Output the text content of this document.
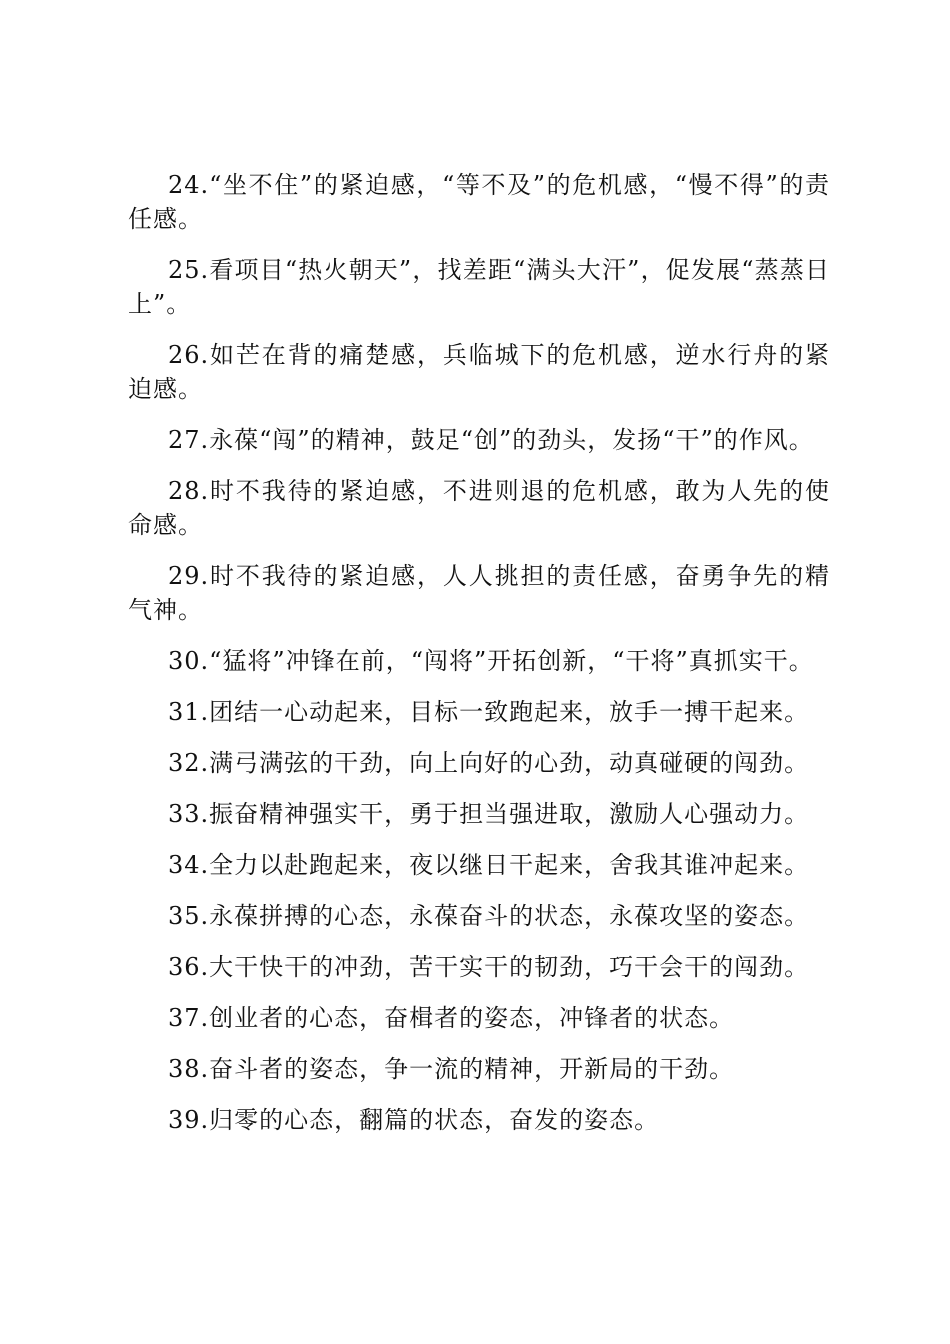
24.“坐不住”的紧迫感，“等不及”的危机感，“慢不得”的责任感。

25.看项目“热火朝天”，找差距“满头大汗”，促发展“蒸蒸日上”。

26.如芒在背的痛楚感，兵临城下的危机感，逆水行舟的紧迫感。

27.永葆“闯”的精神，鼓足“创”的劲头，发扬“干”的作风。

28.时不我待的紧迫感，不进则退的危机感，敢为人先的使命感。

29.时不我待的紧迫感，人人挑担的责任感，奋勇争先的精气神。

30.“猛将”冲锋在前，“闯将”开拓创新，“干将”真抓实干。

31.团结一心动起来，目标一致跑起来，放手一搏干起来。

32.满弓满弦的干劲，向上向好的心劲，动真碰硬的闯劲。

33.振奋精神强实干，勇于担当强进取，激励人心强动力。

34.全力以赴跑起来，夜以继日干起来，舍我其谁冲起来。

35.永葆拼搏的心态，永葆奋斗的状态，永葆攻坚的姿态。

36.大干快干的冲劲，苦干实干的韧劲，巧干会干的闯劲。

37.创业者的心态，奋楫者的姿态，冲锋者的状态。

38.奋斗者的姿态，争一流的精神，开新局的干劲。

39.归零的心态，翻篇的状态，奋发的姿态。
